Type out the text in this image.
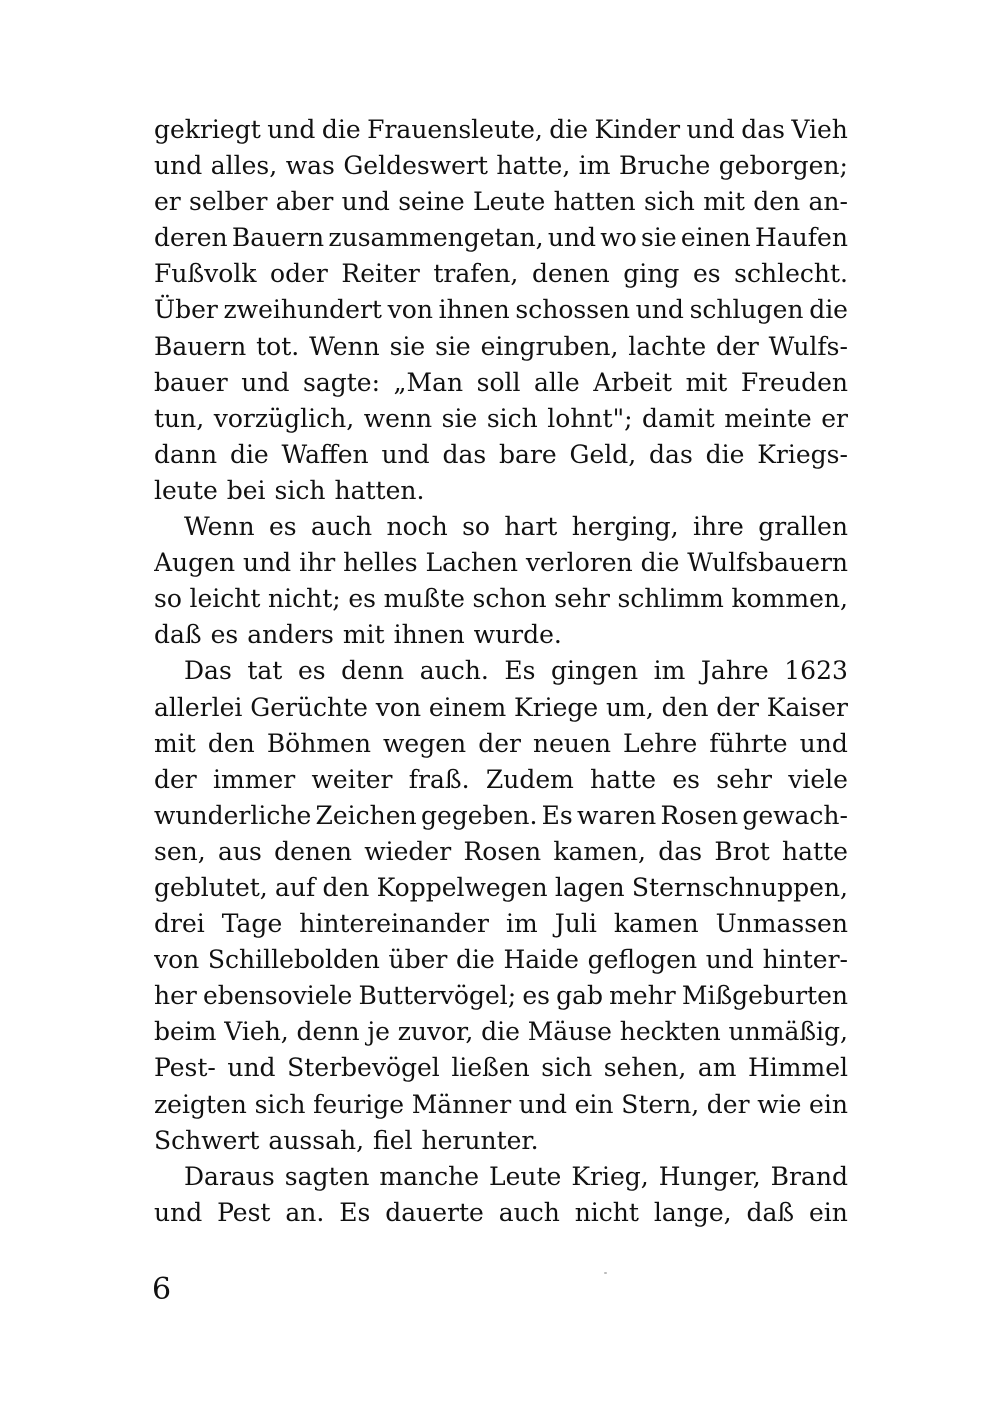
gekriegt und die Frauensleute, die Kinder und das Vieh
und alles, was Geldeswert hatte, im Bruche geborgen;
er selber aber und seine Leute hatten sich mit den an-
deren Bauern zusammengetan, und wo sie einen Haufen
Fußvolk oder Reiter trafen, denen ging es schlecht.
Über zweihundert von ihnen schossen und schlugen die
Bauern tot. Wenn sie sie eingruben, lachte der Wulfs-
bauer und sagte: „Man soll alle Arbeit mit Freuden
tun, vorzüglich, wenn sie sich lohnt"; damit meinte er
dann die Waffen und das bare Geld, das die Kriegs-
leute bei sich hatten.
Wenn es auch noch so hart herging, ihre grallen
Augen und ihr helles Lachen verloren die Wulfsbauern
so leicht nicht; es mußte schon sehr schlimm kommen,
daß es anders mit ihnen wurde.
Das tat es denn auch. Es gingen im Jahre 1623
allerlei Gerüchte von einem Kriege um, den der Kaiser
mit den Böhmen wegen der neuen Lehre führte und
der immer weiter fraß. Zudem hatte es sehr viele
wunderliche Zeichen gegeben. Es waren Rosen gewach-
sen, aus denen wieder Rosen kamen, das Brot hatte
geblutet, auf den Koppelwegen lagen Sternschnuppen,
drei Tage hintereinander im Juli kamen Unmassen
von Schillebolden über die Haide geflogen und hinter-
her ebensoviele Buttervögel; es gab mehr Mißgeburten
beim Vieh, denn je zuvor, die Mäuse heckten unmäßig,
Pest- und Sterbevögel ließen sich sehen, am Himmel
zeigten sich feurige Männer und ein Stern, der wie ein
Schwert aussah, fiel herunter.
Daraus sagten manche Leute Krieg, Hunger, Brand
und Pest an. Es dauerte auch nicht lange, daß ein
6
